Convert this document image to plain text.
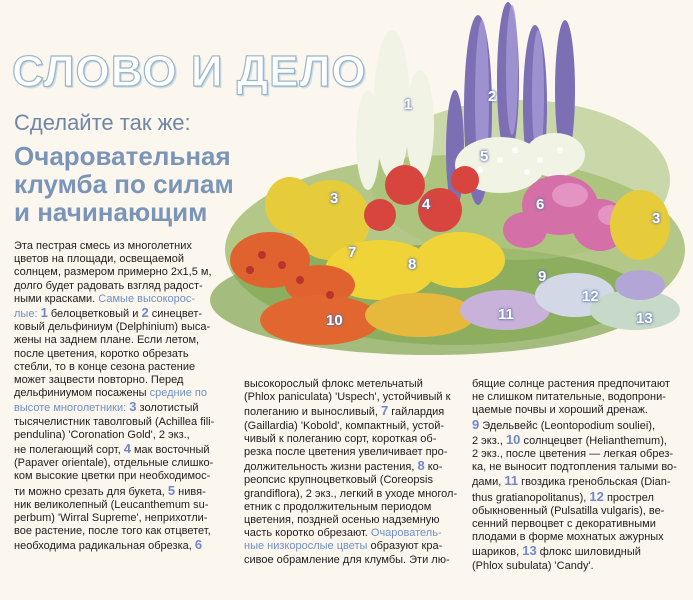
СЛОВО И ДЕЛО
Сделайте так же:
Очаровательная
клумба по силам
и начинающим
1	2
3
3
4
5
6
7
8
9
10	11
12
13
Эта пестрая смесь из многолетних
цветов на площади, освещаемой
солнцем, размером примерно 2x1,5 м,
долго будет радовать взгляд радост-
ными красками. Самые высокорос-
лые: 1 белоцветковый и 2 синецвет-
ковый дельфиниум (Delphinium) выса-
жены на заднем плане. Если летом,
после цветения, коротко обрезать
стебли, то в конце сезона растение
может зацвести повторно. Перед
дельфиниумом посажены средние по
высоте многолетники: 3 золотистый
тысячелистник таволговый (Achillea fili-
pendulina) 'Coronation Gold', 2 экз.,
не полегающий сорт, 4 мак восточный
(Papaver orientale), отдельные слишко-
ком высокие цветки при необходимос-
ти можно срезать для букета, 5 нивя-
ник великолепный (Leucanthemum su-
perbum) 'Wirral Supreme', неприхотли-
вое растение, после того как отцветет,
необходима радикальная обрезка, 6
высокорослый флокс метельчатый
(Phlox paniculata) 'Uspech', устойчивый к
полеганию и выносливый, 7 гайлардия
(Gaillardia) 'Kobold', компактный, устой-
чивый к полеганию сорт, короткая об-
резка после цветения увеличивает про-
должительность жизни растения, 8 ко-
реопсис крупноцветковый (Coreopsis
grandiflora), 2 экз., легкий в уходе многол-
етник с продолжительным периодом
цветения, поздней осенью надземную
часть коротко обрезают. Очарователь-
ные низкорослые цветы образуют кра-
сивое обрамление для клумбы. Эти лю-
бящие солнце растения предпочитают
не слишком питательные, водопрони-
цаемые почвы и хороший дренаж.
9 Эдельвейс (Leontopodium souliei),
2 экз., 10 солнцецвет (Helianthemum),
2 экз., после цветения — легкая обрез-
ка, не выносит подтопления талыми во-
дами, 11 гвоздика гренобльская (Dian-
thus gratianopolitanus), 12 прострел
обыкновенный (Pulsatilla vulgaris), ве-
сенний первоцвет с декоративными
плодами в форме мохнатых ажурных
шариков, 13 флокс шиловидный
(Phlox subulata) 'Candy'.
